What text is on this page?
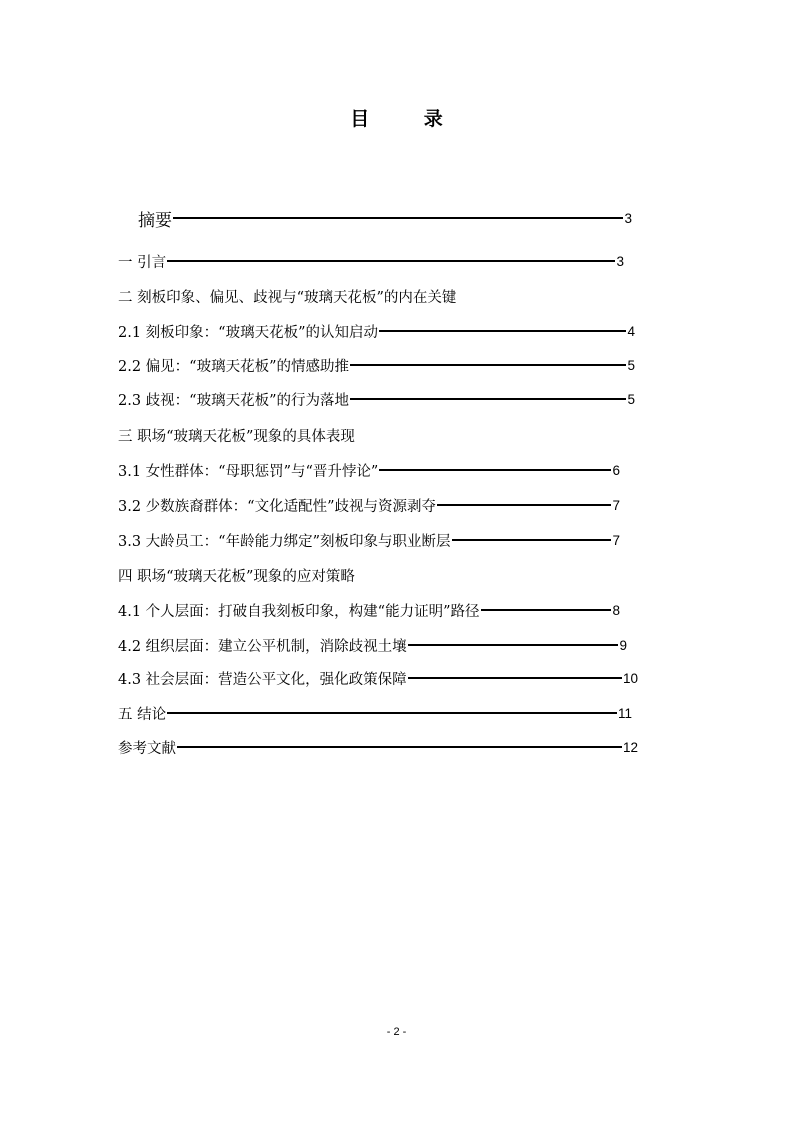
目 录
摘要	3
一 引言	3
二 刻板印象、偏见、歧视与“玻璃天花板”的内在关键
2.1 刻板印象：“玻璃天花板”的认知启动	4
2.2 偏见：“玻璃天花板”的情感助推	5
2.3 歧视：“玻璃天花板”的行为落地	5
三 职场“玻璃天花板”现象的具体表现
3.1 女性群体：“母职惩罚”与“晋升悖论”	6
3.2 少数族裔群体：“文化适配性”歧视与资源剥夺	7
3.3 大龄员工：“年龄能力绑定”刻板印象与职业断层	7
四 职场“玻璃天花板”现象的应对策略
4.1 个人层面：打破自我刻板印象，构建“能力证明”路径	8
4.2 组织层面：建立公平机制，消除歧视土壤	9
4.3 社会层面：营造公平文化，强化政策保障	10
五 结论	11
参考文献	12
- 2 -
